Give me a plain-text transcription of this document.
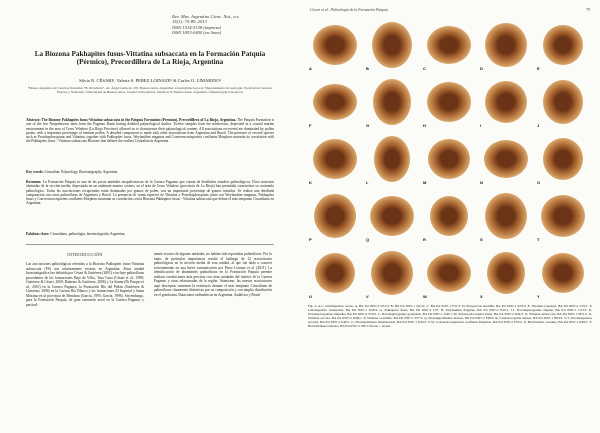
Rev. Mus. Argentino Cienc. Nat., n.s.
15(1): 75-89, 2013
ISSN 1514-5158 (impresa)
ISSN 1853-0400 (en línea)
La Biozona Pakhapites fusus-Vittatina subsaccata en la Formación Patquía (Pérmico), Precordillera de La Rioja, Argentina
Silvia N. CÉSARI¹, Valeria S. PEREZ LOINAZE² & Carlos O. LIMARINO³
¹Museo Argentino de Ciencias Naturales "B. Rivadavia", Av. Ángel Gallardo 470, Buenos Aires, Argentina; scesari@macn.gov.ar ²Departamento de Geología, Facultad de Ciencias Exactas y Naturales, Universidad de Buenos Aires, Ciudad Universitaria, Pabellón II, Buenos Aires, Argentina; climarino@gl.fcen.uba.ar
Abstract: The Biozone Pakhapites fusus-Vittatina subsaccata in the Patquía Formation (Permian), Precordillera of La Rioja, Argentina. The Patquía Formation is one of the few Neopaleozoic units from the Paganzo Basin having detailed palynological studies. Twelve samples from the midsection, deposited in a coastal marine environment in the area of Cerro Veladero (La Rioja Province) allowed us to characterize their palynological content. All associations recovered are dominated by pollen grains, with a important percentage of taeniate pollen. A detailed comparison is made with other associations from Argentina and Brazil. The presence of several species such as Protohaploxypinus and Vittatina, together with Pakhapites fusus, Weylandites magmus and Converrucosisporites confluens Morphon sustentia its correlation with the Pakhapites fusus - Vittatina subsaccata Biozone that defines the earliest Cisuralian in Argentina.
Key words: Cisuralian, Palynology, Biostratigraphy, Argentina.
Resumen: La Formación Patquía es una de las pocas unidades neopaleozoicas de la Cuenca Paganzo que cuenta de detallados estudios palinológicos. Doce muestras obtenidas de la sección media, depositada en un ambiente marino costero, en el área de Cerro Veladero (provincia de La Rioja) han permitido caracterizar su contenido palinológico. Todas las asociaciones recuperadas están dominadas por granos de polen, con un importante porcentaje de granos teniados. Se realiza una detallada comparación con otras palinofloras de Argentina y Brasil. La presencia de varias especies de Vittatina y Protohaploxypinus junto con Weylandites magmus, Pakhapites fusus y Converrucosisporites confluens Morphon sustentan su correlación con la Biozona Pakhapites fusus - Vittatina subsaccata que define el más temprano Cisuraliano en Argentina.
Palabras clave: Cisuraliano, palinología, bioestratigrafía, Argentina.
INTRODUCCIÓN
Las asociaciones palinológicas referidas a la Biozona Pakhapites fusus-Vittatina subsaccata (FS) son relativamente escasas en Argentina. Estas unidad bioestratigráfica fue definida por Césari & Gutiérrez (2001) e incluye palinofloras procedentes de las formaciones Bajo de Véliz, Tasa Cuna (Césari et al., 1998; Gutiérrez & Césari, 2000; Balarino & Gutiérrez, 2006) y La Sauna (Di Pasquo et al., 2010) en la Cuenca Paganzo, la Formación Río del Peñón (Gutiérrez & Limarino, 2006) en la Cuenca Río Blanco y las formaciones El Imperial y Santa Máxima en la provincia de Mendoza (García, 1995; García, 1996). Sin embargo, para la Formación Patquía, de gran extensión areal en la Cuenca Paganzo y particul-
mente escasos de algunas unidades, no habían sido reportadas palinofloras. Por lo tanto, de particular importancia resultó el hallazgo de 12 asociaciones palinológicas en la sección media de esta unidad, al que fue dado a conocer recientemente en una breve comunicación por Perez Loinaze et al. (2011). La identificación de abundantes palinofloras en la Formación Patquía permite realizar correlaciones más precisas con otras unidades del interior de la Cuenca Paganzo y otras relacionadas de la región. Asimismo, las nuevas asociaciones aquí descriptas sustentan la existencia durante el más temprano Cisuraliano de palinofloras claramente distintivas por su composición y con amplia distribución en el gondwana. Dataciones radimétricas en Argentina, Sudáfrica y Brasil
Césari et al.: Palinología de la Formación Patquía	79
A	B	C	D	E
F	G	H	I	J
K	L	M	N	O
P	Q	R	S	T
U	V	W	X	Y
Fig. 4. A-C, Limitisporites rectus, A, BA Pal 6597-2 N51/3; B, BA Pal 6591-1 Q51/2; C, BA Pal 6597-1 Y51/3. D, Platysaccus leschikii, BA Pal 6597-1 X53/4. E, Striatites jaspaleyi, BA Pal 6597-2 V55/1. F, Lunatisporites variesectus, BA Pal 6597-1 X56/4. G, Pakhapites fusus, BA Pal 6597-2 T47. H, Weylandites magmus, BA Pal 6597-2 E45/1. I-J, Protohaploxypinus amplus, BA Pal 6597-1 L53/3. K, Protohaploxypinus limpidus, BA Pal 6597-2 S50/4. L, Protohaploxypinus goraiensis, BA Pal 6597-1 X45/1. M, Striatopodocarpites fusus, BA Pal 6597-2 N44/3. N, Vittatina subsaccata, BA Pal 6597-1 M51/2. O, Vittatina saccata, BA Pal 6597-2 W46/1. P, Vittatina costabilis, BA Pal 6597-1 T57/3. Q, Marsupipollenites striatus, BA Pal 6597-2 P49/4. R, Cannanoropollis densus, BA Pal 6597-1 H54/2. S-T, Potonieisporites novicus, BA Pal 6597-2 K48/1. U, Plicatipollenites malabarensis, BA Pal 6597-1 D52/3. V-W, Converrucosisporites confluens Morphon, BA Pal 6597-2 F55/2. X, Brevitriletes cornutus, BA Pal 6597-1 R49/1. Y, Horriditriletes ramosus, BA Pal 6597-2 J56/3. Escala = 10 μm.
